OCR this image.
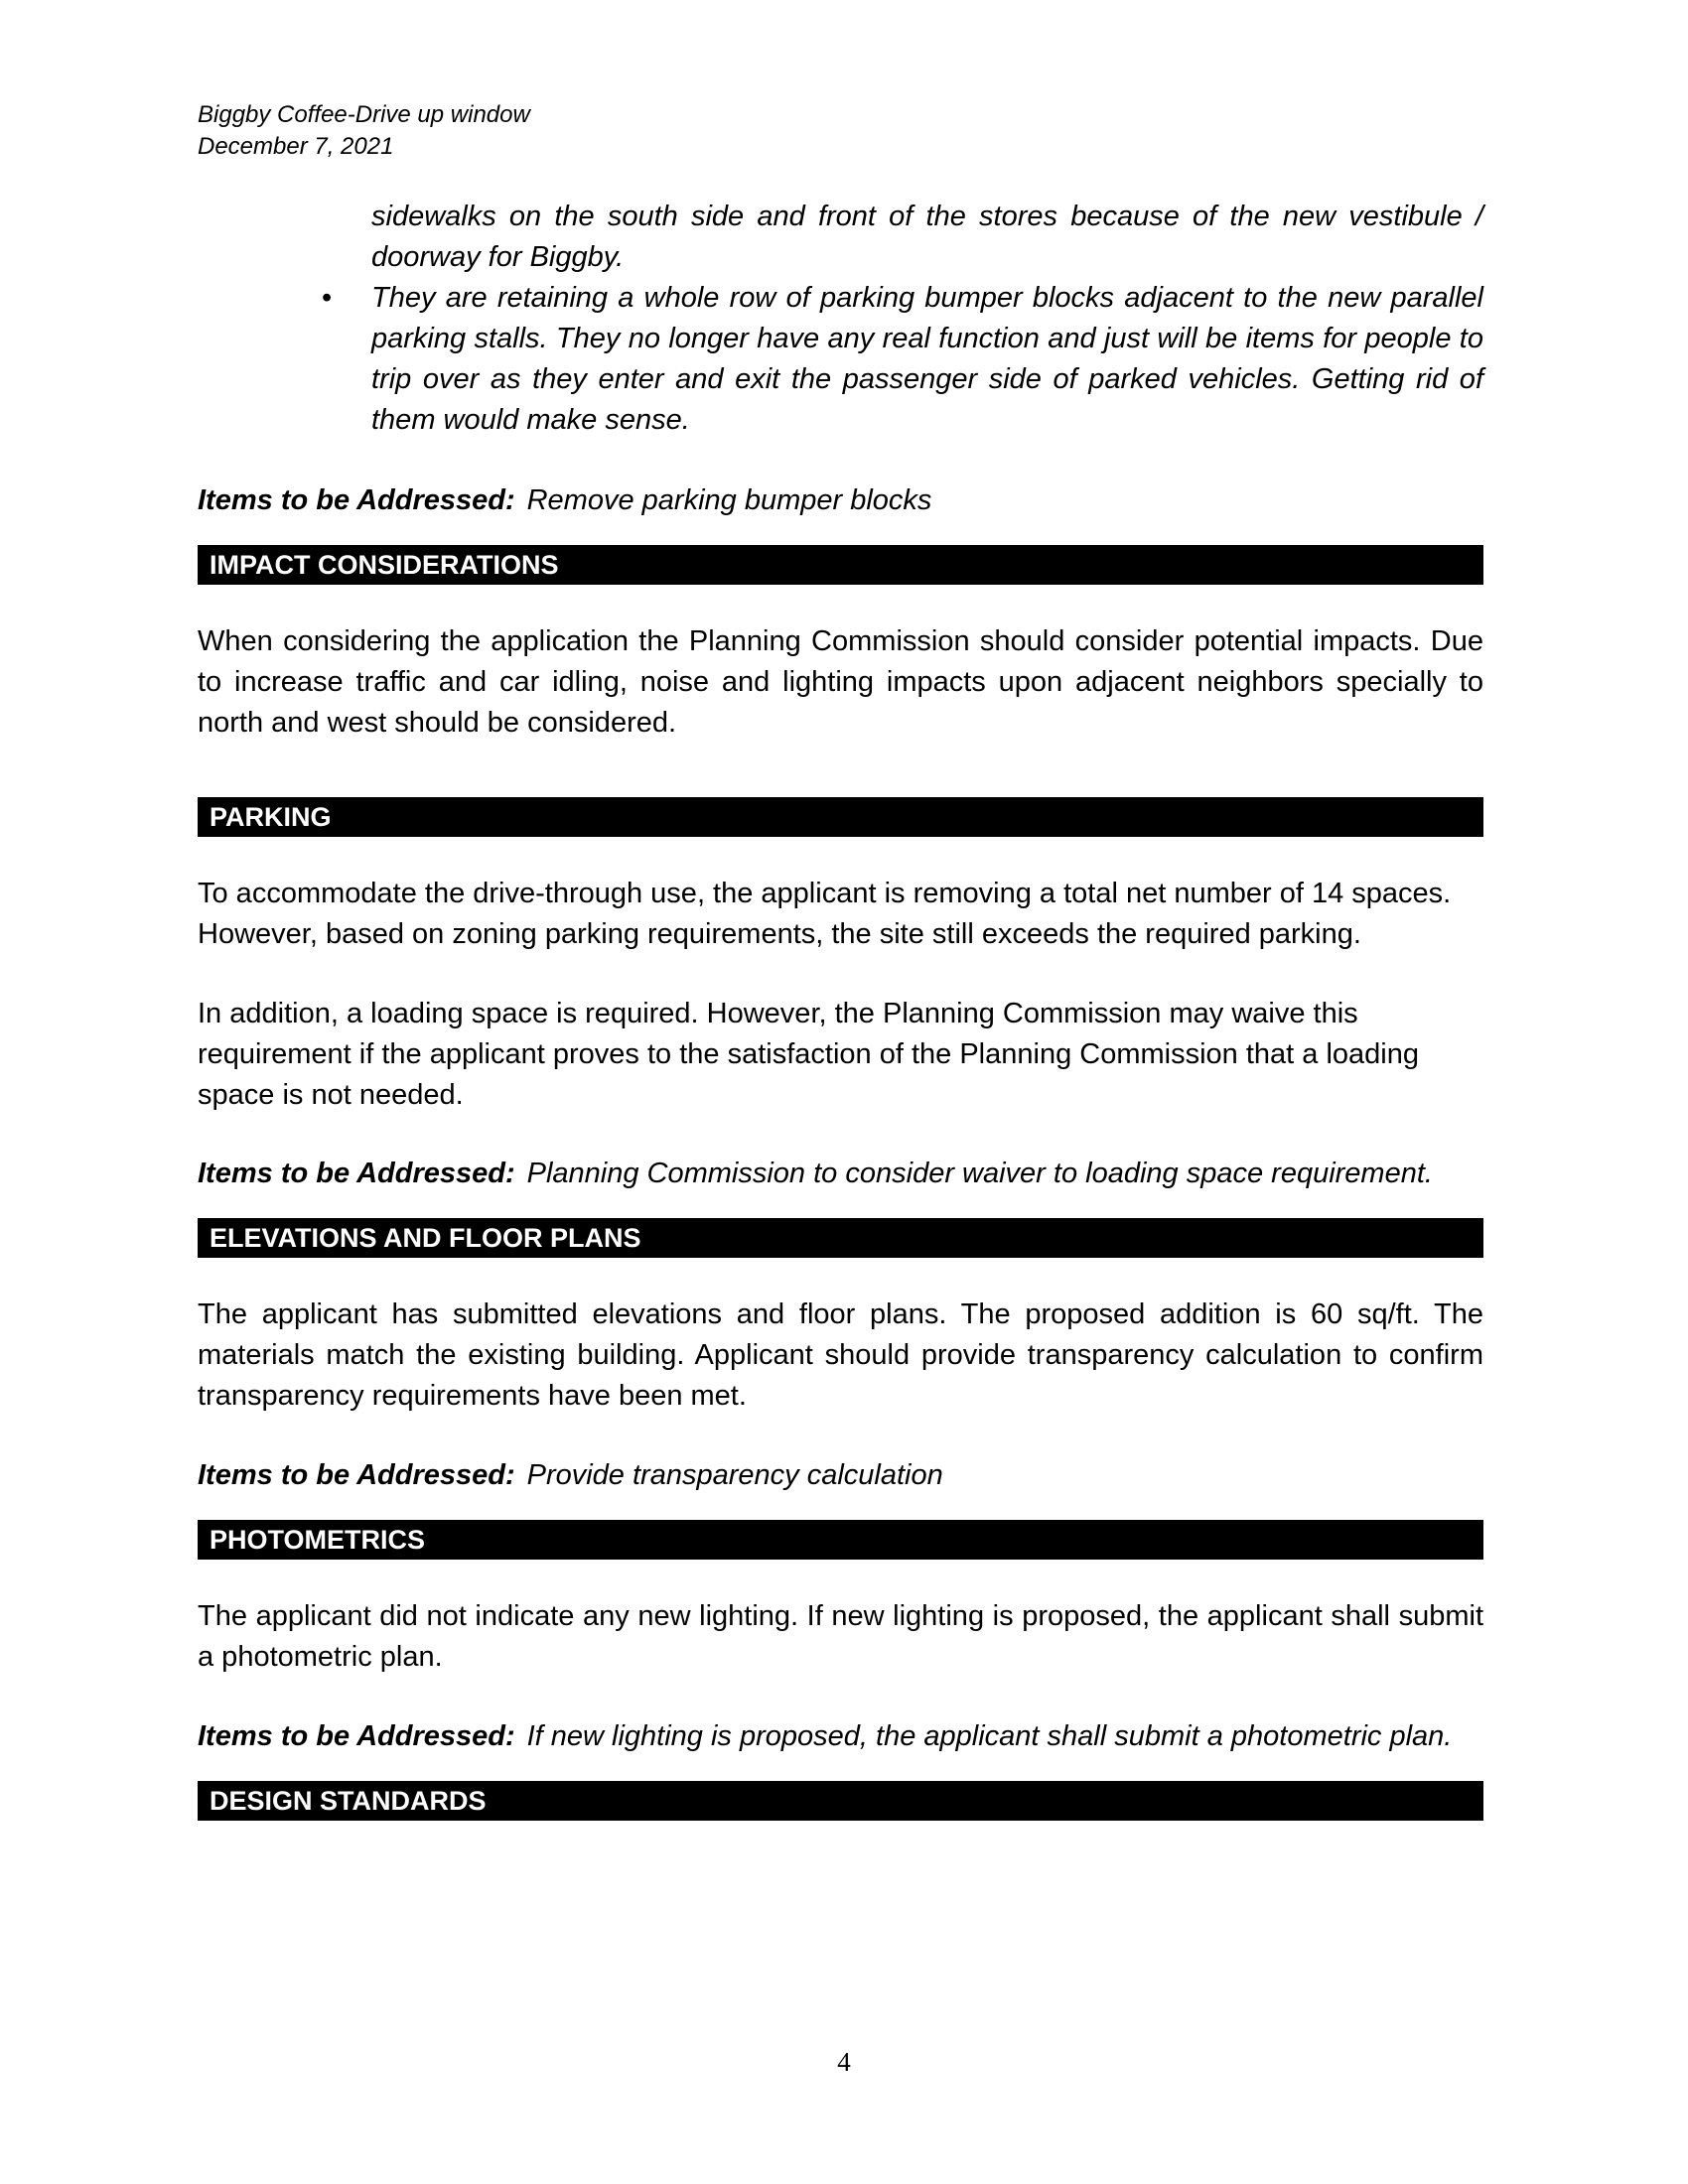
Biggby Coffee-Drive up window
December 7, 2021
sidewalks on the south side and front of the stores because of the new vestibule / doorway for Biggby.
• They are retaining a whole row of parking bumper blocks adjacent to the new parallel parking stalls. They no longer have any real function and just will be items for people to trip over as they enter and exit the passenger side of parked vehicles. Getting rid of them would make sense.

Items to be Addressed: Remove parking bumper blocks

IMPACT CONSIDERATIONS

When considering the application the Planning Commission should consider potential impacts. Due to increase traffic and car idling, noise and lighting impacts upon adjacent neighbors specially to north and west should be considered.

PARKING

To accommodate the drive-through use, the applicant is removing a total net number of 14 spaces. However, based on zoning parking requirements, the site still exceeds the required parking.

In addition, a loading space is required. However, the Planning Commission may waive this requirement if the applicant proves to the satisfaction of the Planning Commission that a loading space is not needed.

Items to be Addressed: Planning Commission to consider waiver to loading space requirement.

ELEVATIONS AND FLOOR PLANS

The applicant has submitted elevations and floor plans. The proposed addition is 60 sq/ft. The materials match the existing building. Applicant should provide transparency calculation to confirm transparency requirements have been met.

Items to be Addressed: Provide transparency calculation

PHOTOMETRICS

The applicant did not indicate any new lighting. If new lighting is proposed, the applicant shall submit a photometric plan.

Items to be Addressed: If new lighting is proposed, the applicant shall submit a photometric plan.

DESIGN STANDARDS
4
